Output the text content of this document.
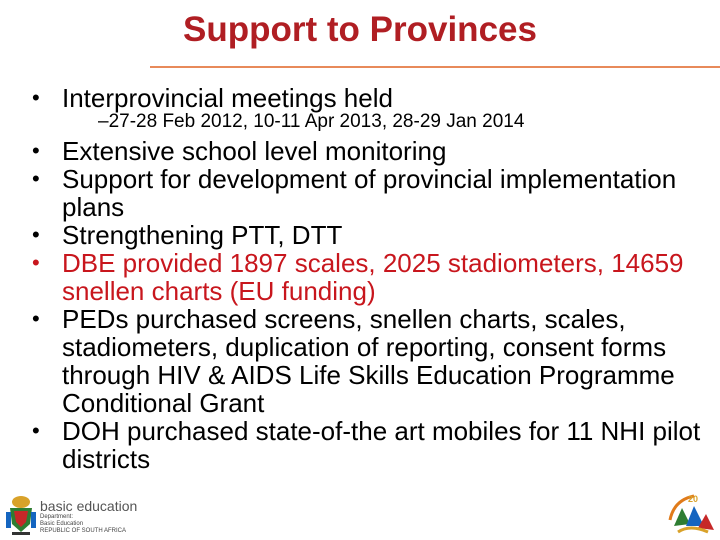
Support to Provinces
• Interprovincial meetings held
–27-28 Feb 2012, 10-11 Apr 2013, 28-29 Jan 2014
• Extensive school level monitoring
• Support for development of provincial implementation plans
• Strengthening PTT, DTT
• DBE provided 1897 scales, 2025 stadiometers, 14659 snellen charts (EU funding)
• PEDs purchased screens, snellen charts, scales, stadiometers, duplication of reporting, consent forms through HIV & AIDS Life Skills Education Programme Conditional Grant
• DOH purchased state-of-the art mobiles for 11 NHI pilot districts
basic education
Department:
Basic Education
REPUBLIC OF SOUTH AFRICA
20
